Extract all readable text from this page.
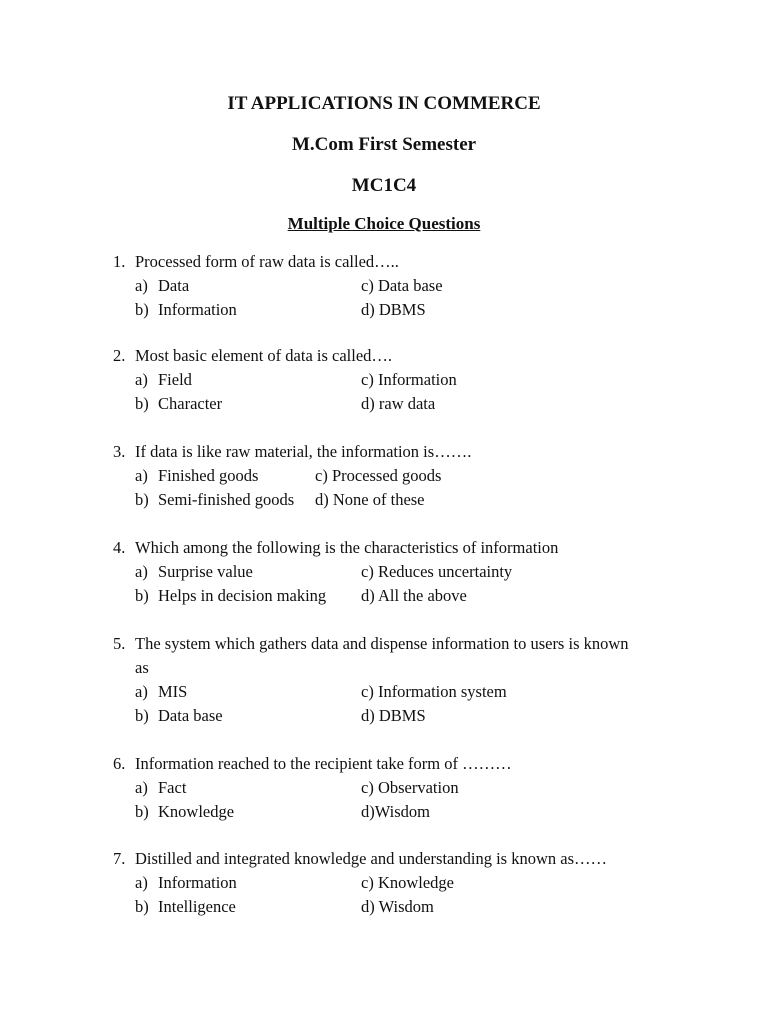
IT APPLICATIONS IN COMMERCE
M.Com First Semester
MC1C4
Multiple Choice Questions
1. Processed form of raw data is called…..
a) Data	c) Data base
b) Information	d) DBMS
2. Most basic element of data is called….
a) Field	c) Information
b) Character	d) raw data
3. If data is like raw material, the information is…….
a) Finished goods	c) Processed goods
b) Semi-finished goods d) None of these
4. Which among the following is the characteristics of information
a) Surprise value	c) Reduces uncertainty
b) Helps in decision making d) All the above
5. The system which gathers data and dispense information to users is known
as
a) MIS	c) Information system
b) Data base	d) DBMS
6. Information reached to the recipient take form of ………
a) Fact	c) Observation
b) Knowledge	d)Wisdom
7. Distilled and integrated knowledge and understanding is known as……
a) Information	c) Knowledge
b) Intelligence	d) Wisdom
